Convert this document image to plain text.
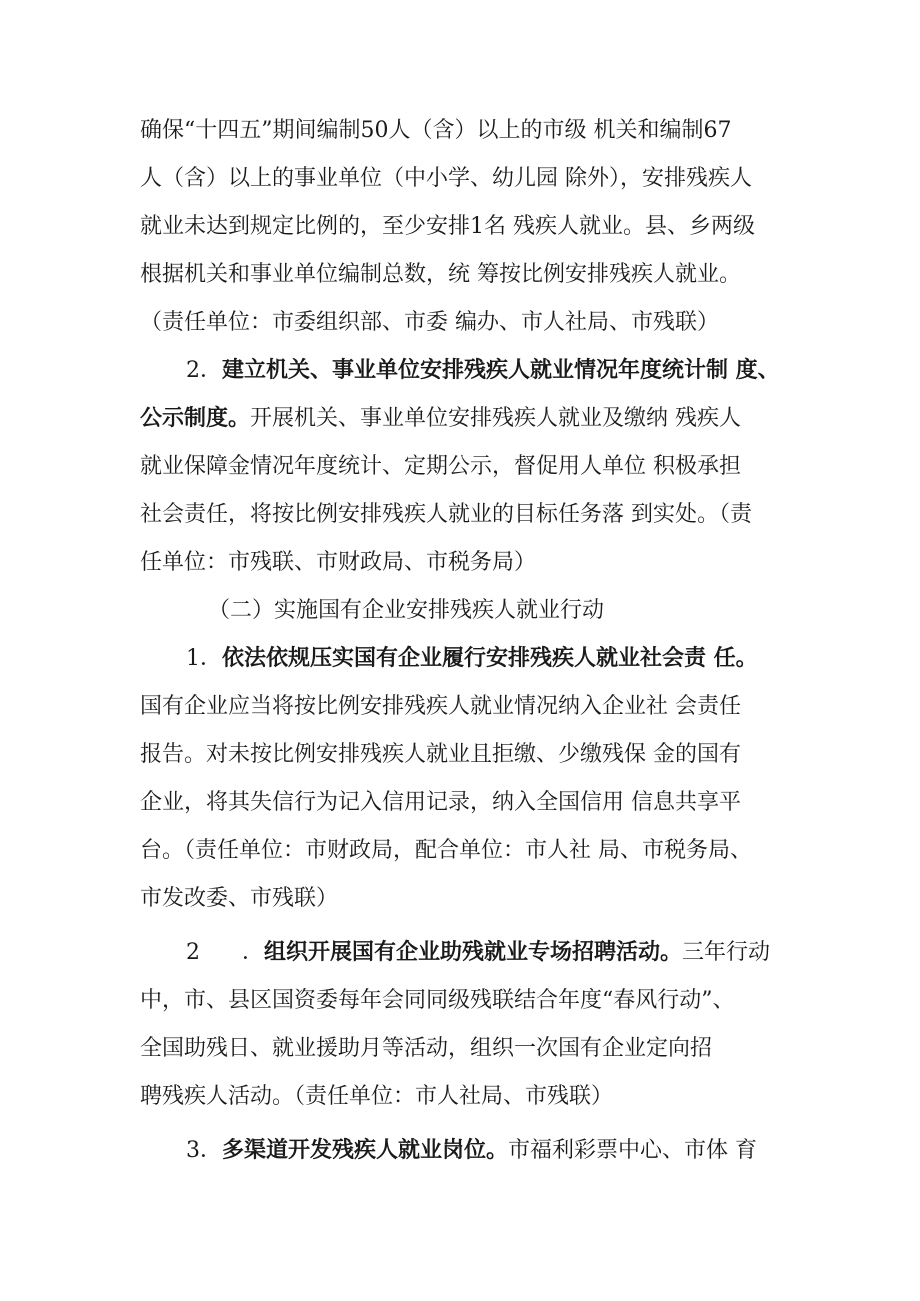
确保“十四五”期间编制50人（含）以上的市级 机关和编制67
人（含）以上的事业单位（中小学、幼儿园 除外），安排残疾人
就业未达到规定比例的，至少安排1名 残疾人就业。县、乡两级
根据机关和事业单位编制总数，统 筹按比例安排残疾人就业。
（责任单位：市委组织部、市委 编办、市人社局、市残联）
2．建立机关、事业单位安排残疾人就业情况年度统计制 度、
公示制度。开展机关、事业单位安排残疾人就业及缴纳 残疾人
就业保障金情况年度统计、定期公示，督促用人单位 积极承担
社会责任，将按比例安排残疾人就业的目标任务落 到实处。（责
任单位：市残联、市财政局、市税务局）
（二）实施国有企业安排残疾人就业行动
1．依法依规压实国有企业履行安排残疾人就业社会责 任。
国有企业应当将按比例安排残疾人就业情况纳入企业社 会责任
报告。对未按比例安排残疾人就业且拒缴、少缴残保 金的国有
企业，将其失信行为记入信用记录，纳入全国信用 信息共享平
台。（责任单位：市财政局，配合单位：市人社 局、市税务局、
市发改委、市残联）
2      ．组织开展国有企业助残就业专场招聘活动。三年行动
中，市、县区国资委每年会同同级残联结合年度“春风行动”、
全国助残日、就业援助月等活动，组织一次国有企业定向招
聘残疾人活动。（责任单位：市人社局、市残联）
3．多渠道开发残疾人就业岗位。市福利彩票中心、市体 育
